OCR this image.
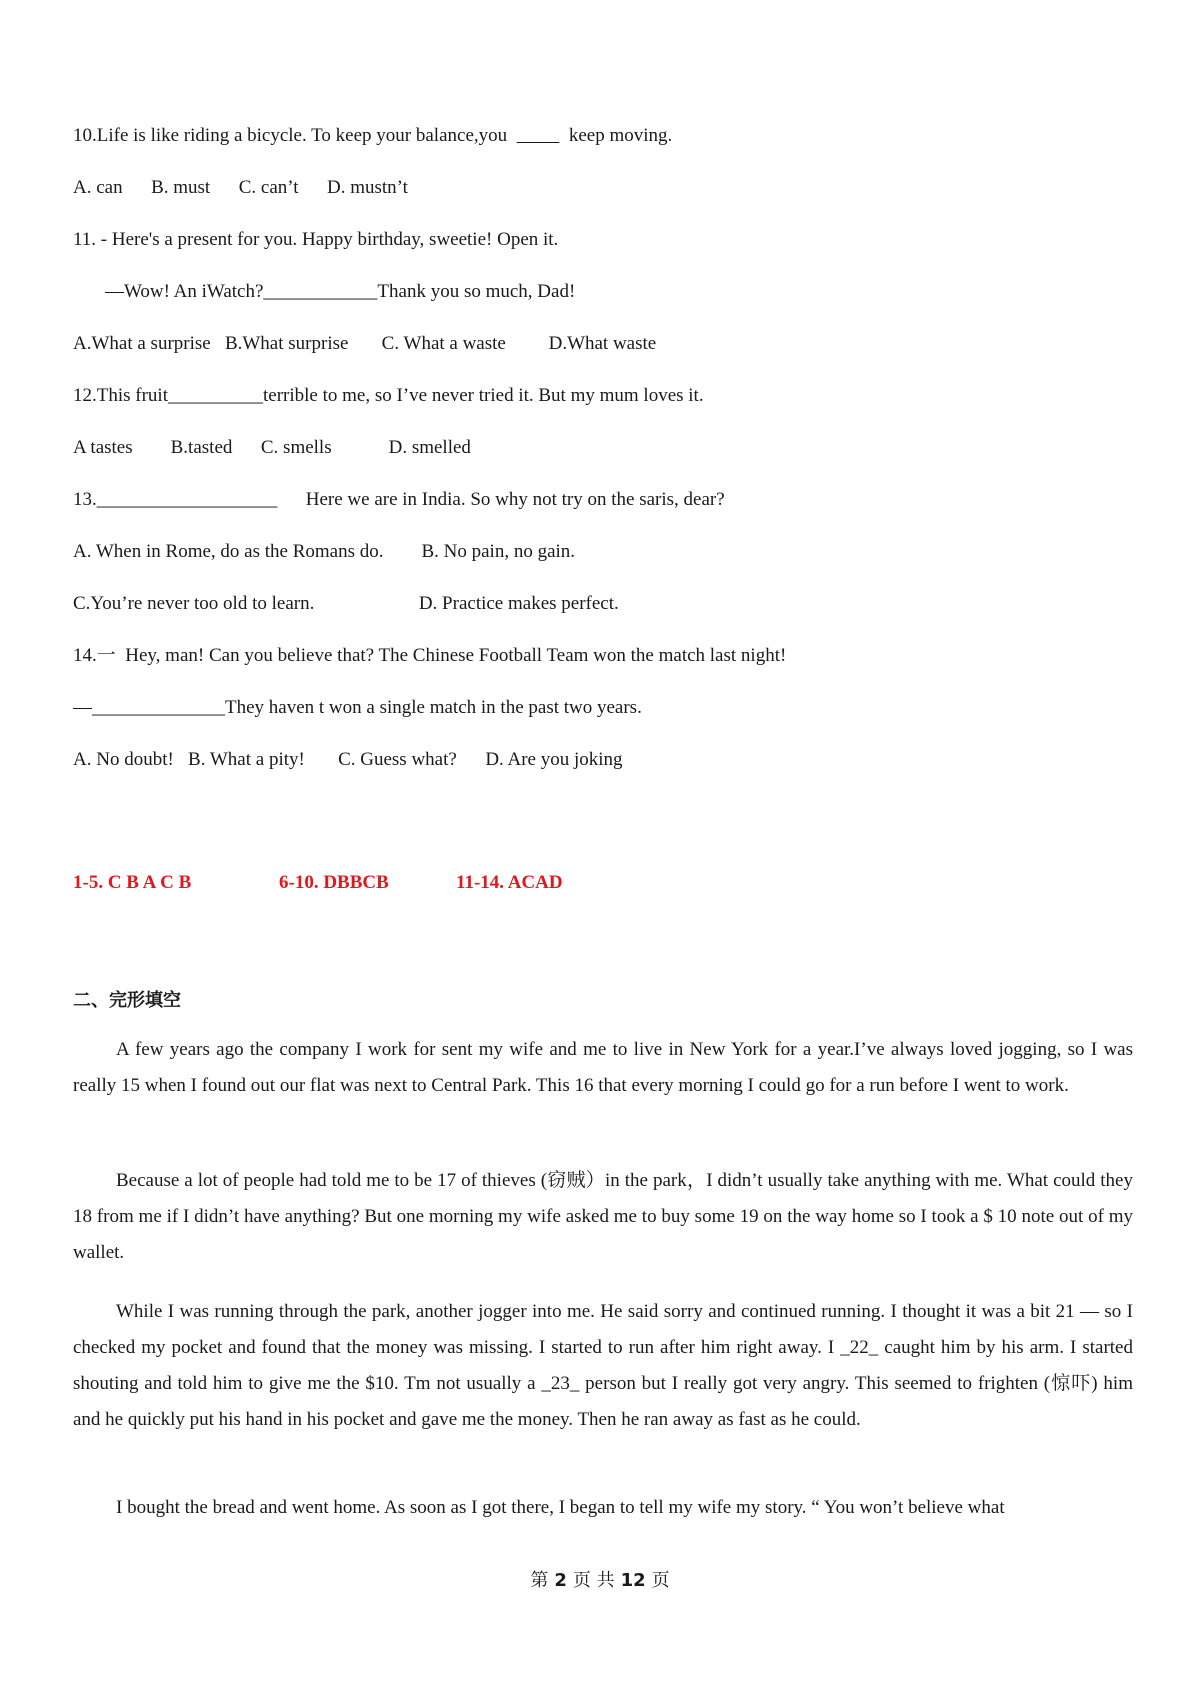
10.Life is like riding a bicycle. To keep your balance,you             keep moving.
A. can      B. must      C. can’t      D. mustn’t
11. - Here's a present for you. Happy birthday, sweetie! Open it.
—Wow! An iWatch?____________Thank you so much, Dad!
A.What a surprise   B.What surprise       C. What a waste         D.What waste
12.This fruit__________terrible to me, so I’ve never tried it. But my mum loves it.
A tastes        B.tasted      C. smells            D. smelled
13.___________________      Here we are in India. So why not try on the saris, dear?
A. When in Rome, do as the Romans do.        B. No pain, no gain.
C.You’re never too old to learn.                      D. Practice makes perfect.
14.一  Hey, man! Can you believe that? The Chinese Football Team won the match last night!
—______________They haven t won a single match in the past two years.
A. No doubt!   B. What a pity!       C. Guess what?      D. Are you joking
1-5. C B A C B	6-10. DBBCB	11-14. ACAD
二、完形填空
A few years ago the company I work for sent my wife and me to live in New York for a year.I’ve always loved jogging, so I was really 15 when I found out our flat was next to Central Park. This 16 that every morning I could go for a run before I went to work.
Because a lot of people had told me to be 17 of thieves (窃贼）in the park，I didn’t usually take anything with me. What could they 18 from me if I didn’t have anything? But one morning my wife asked me to buy some 19 on the way home so I took a $ 10 note out of my wallet.
While I was running through the park, another jogger into me. He said sorry and continued running. I thought it was a bit 21 — so I checked my pocket and found that the money was missing. I started to run after him right away. I _22_ caught him by his arm. I started shouting and told him to give me the $10. Tm not usually a _23_ person but I really got very angry. This seemed to frighten (惊吓) him and he quickly put his hand in his pocket and gave me the money. Then he ran away as fast as he could.
I bought the bread and went home. As soon as I got there, I began to tell my wife my story. “ You won’t believe what
第 2 页 共 12 页
